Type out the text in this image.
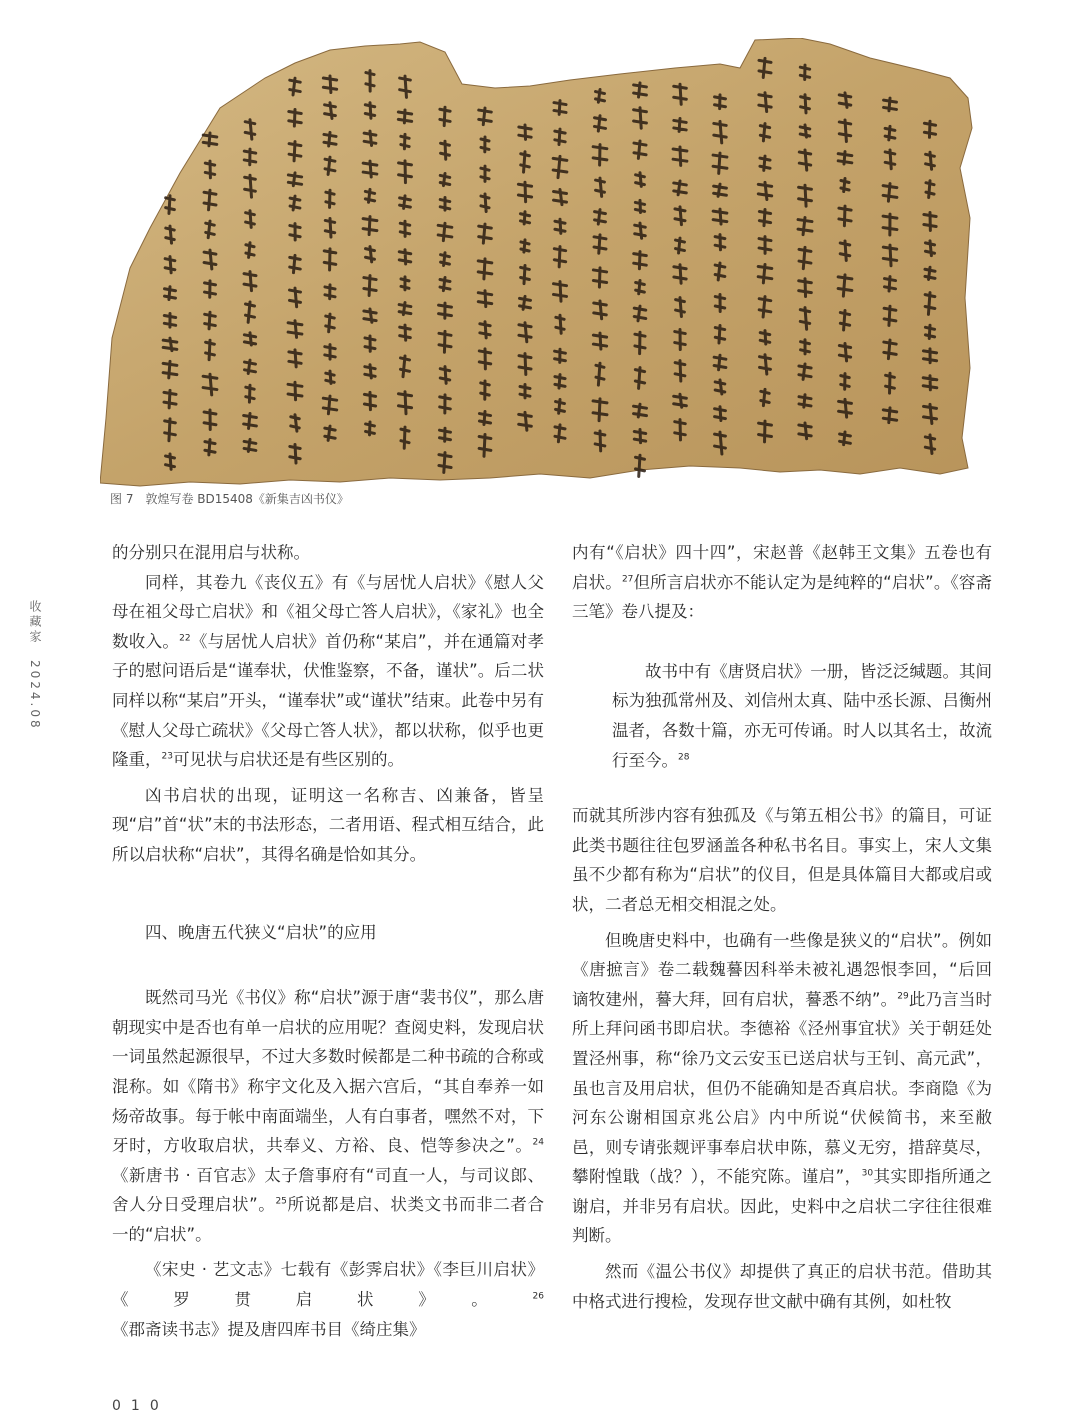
图 7　敦煌写卷 BD15408《新集吉凶书仪》
收藏家 2024.08

的分别只在混用启与状称。

同样，其卷九《丧仪五》有《与居忧人启状》《慰人父母在祖父母亡启状》和《祖父母亡答人启状》，《家礼》也全数收入。$^{22}$《与居忧人启状》首仍称“某启”，并在通篇对孝子的慰问语后是“谨奉状，伏惟鉴察，不备，谨状”。后二状同样以称“某启”开头，“谨奉状”或“谨状”结束。此卷中另有《慰人父母亡疏状》《父母亡答人状》，都以状称，似乎也更隆重，$^{23}$可见状与启状还是有些区别的。

凶书启状的出现，证明这一名称吉、凶兼备，皆呈现“启”首“状”末的书法形态，二者用语、程式相互结合，此所以启状称“启状”，其得名确是恰如其分。

四、晚唐五代狭义“启状”的应用

既然司马光《书仪》称“启状”源于唐“裴书仪”，那么唐朝现实中是否也有单一启状的应用呢？查阅史料，发现启状一词虽然起源很早，不过大多数时候都是二种书疏的合称或混称。如《隋书》称宇文化及入据六宫后，“其自奉养一如炀帝故事。每于帐中南面端坐，人有白事者，嘿然不对，下牙时，方收取启状，共奉义、方裕、良、恺等参决之”。$^{24}$《新唐书 · 百官志》太子詹事府有“司直一人，与司议郎、舍人分日受理启状”。$^{25}$所说都是启、状类文书而非二者合一的“启状”。

《宋史 · 艺文志》七载有《彭霁启状》《李巨川启状》《罗贯启状》。$^{26}$《郡斋读书志》提及唐四库书目《绮庄集》

内有“《启状》四十四”，宋赵普《赵韩王文集》五卷也有启状。$^{27}$但所言启状亦不能认定为是纯粹的“启状”。《容斋三笔》卷八提及：

故书中有《唐贤启状》一册，皆泛泛缄题。其间标为独孤常州及、刘信州太真、陆中丞长源、吕衡州温者，各数十篇，亦无可传诵。时人以其名士，故流行至今。$^{28}$

而就其所涉内容有独孤及《与第五相公书》的篇目，可证此类书题往往包罗涵盖各种私书名目。事实上，宋人文集虽不少都有称为“启状”的仪目，但是具体篇目大都或启或状，二者总无相交相混之处。

但晚唐史料中，也确有一些像是狭义的“启状”。例如《唐摭言》卷二载魏謩因科举未被礼遇怨恨李回，“后回谪牧建州，謩大拜，回有启状，謩悉不纳”。$^{29}$此乃言当时所上拜问函书即启状。李德裕《泾州事宜状》关于朝廷处置泾州事，称“徐乃文云安玉已送启状与王钊、高元武”，虽也言及用启状，但仍不能确知是否真启状。李商隐《为河东公谢相国京兆公启》内中所说“伏候简书，来至敝邑，则专请张觌评事奉启状申陈，慕义无穷，措辞莫尽，攀附惶戢（战？），不能究陈。谨启”，$^{30}$其实即指所通之谢启，并非另有启状。因此，史料中之启状二字往往很难判断。

然而《温公书仪》却提供了真正的启状书范。借助其中格式进行搜检，发现存世文献中确有其例，如杜牧

010
